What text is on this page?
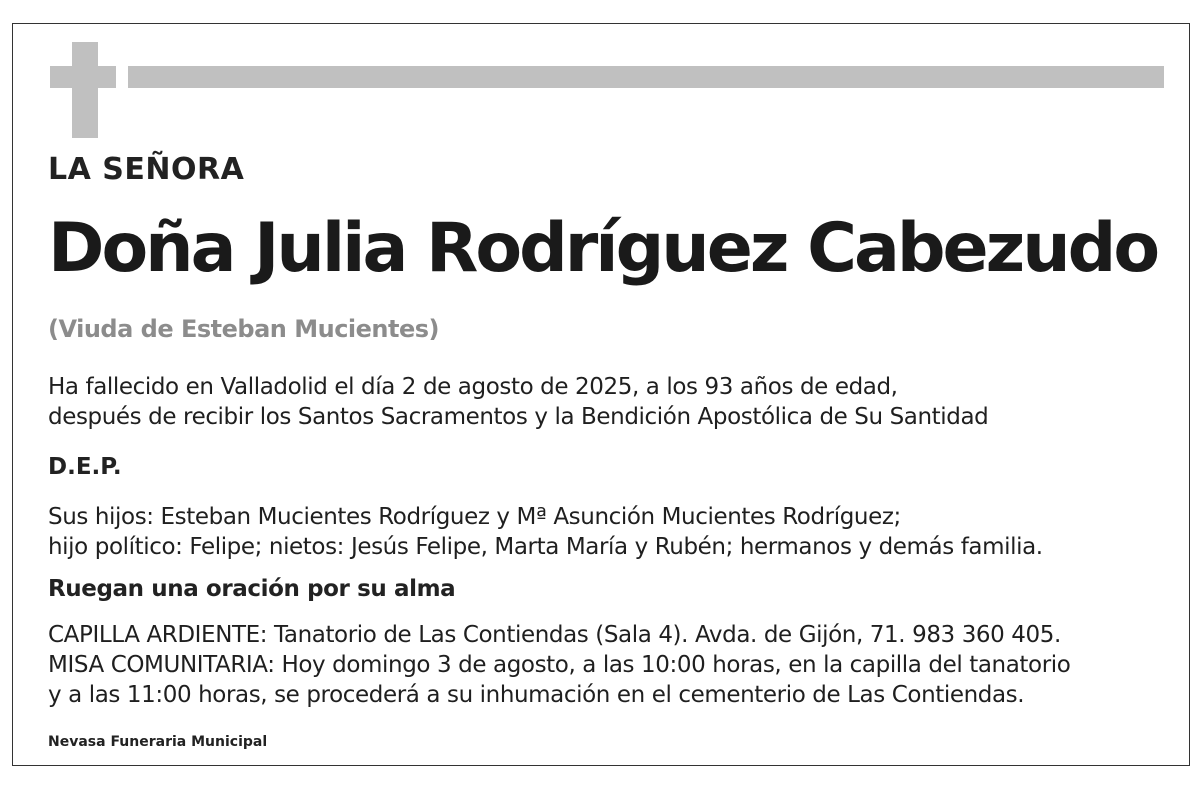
LA SEÑORA
Doña Julia Rodríguez Cabezudo
(Viuda de Esteban Mucientes)
Ha fallecido en Valladolid el día 2 de agosto de 2025, a los 93 años de edad,
después de recibir los Santos Sacramentos y la Bendición Apostólica de Su Santidad
D.E.P.
Sus hijos: Esteban Mucientes Rodríguez y Mª Asunción Mucientes Rodríguez;
hijo político: Felipe; nietos: Jesús Felipe, Marta María y Rubén; hermanos y demás familia.
Ruegan una oración por su alma
CAPILLA ARDIENTE: Tanatorio de Las Contiendas (Sala 4). Avda. de Gijón, 71. 983 360 405.
MISA COMUNITARIA: Hoy domingo 3 de agosto, a las 10:00 horas, en la capilla del tanatorio
y a las 11:00 horas, se procederá a su inhumación en el cementerio de Las Contiendas.
Nevasa Funeraria Municipal
